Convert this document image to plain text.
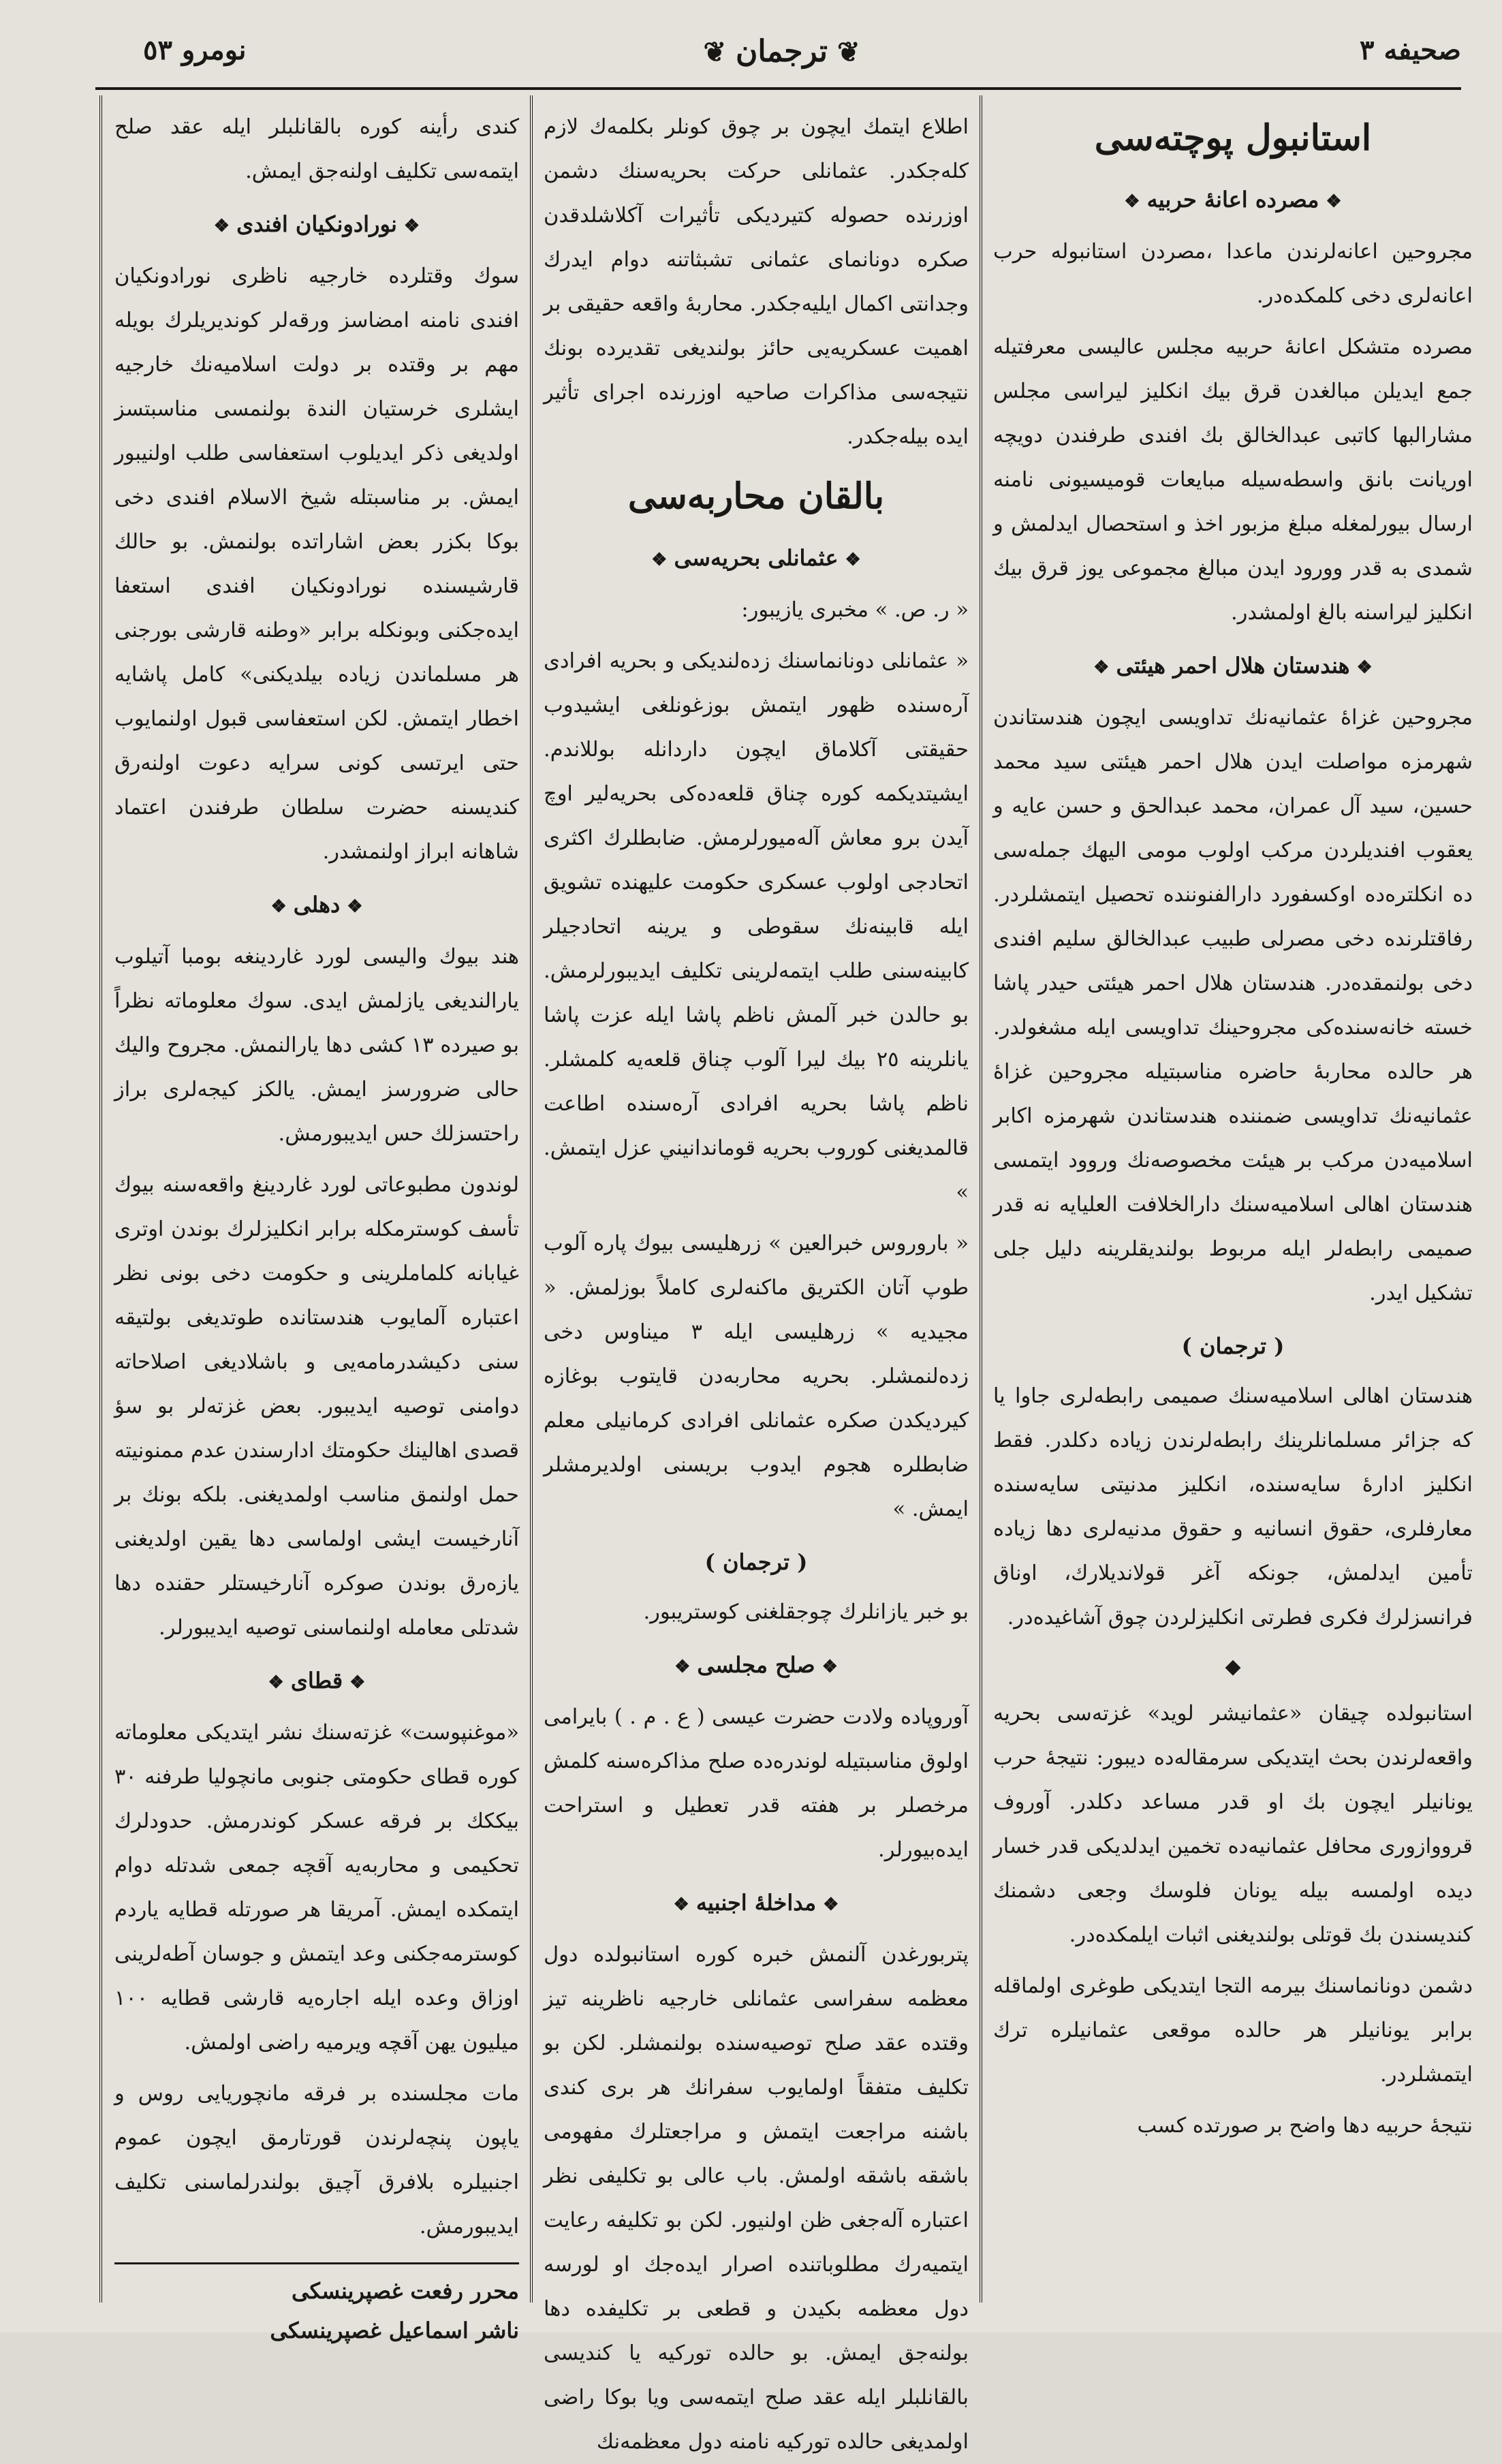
صحيفه ٣
❦ ترجمان ❦
نومرو ٥٣
استانبول پوچته‌سى
❖ مصرده اعانهٔ حربيه ❖

مجروحين اعانه‌لرندن ماعدا ،مصردن استانبوله حرب اعانه‌لرى دخى كلمكده‌در.

مصرده متشكل اعانهٔ حربيه مجلس عاليسى معرفتيله جمع ايديلن مبالغدن قرق بيك انكليز ليراسى مجلس مشارالبها كاتبى عبدالخالق بك افندى طرفندن دويچه اوريانت بانق واسطه‌سيله مبايعات قوميسيونى نامنه ارسال بيورلمغله مبلغ مزبور اخذ و استحصال ايدلمش و شمدى به قدر وورود ايدن مبالغ مجموعى يوز قرق بيك انكليز ليراسنه بالغ اولمشدر.

❖ هندستان هلال احمر هيئتى ❖

مجروحين غزاهٔ عثمانيه‌نك تداويسى ايچون هندستاندن شهرمزه مواصلت ايدن هلال احمر هيئتى سيد محمد حسين، سيد آل عمران، محمد عبدالحق و حسن عايه و يعقوب افنديلردن مركب اولوب مومى اليهك جمله‌سى ده انكلتره‌ده اوكسفورد دارالفنوننده تحصيل ايتمشلردر. رفاقتلرنده دخى مصرلى طبيب عبدالخالق سليم افندى دخى بولنمقده‌در. هندستان هلال احمر هيئتى حيدر پاشا خسته خانه‌سنده‌كى مجروحينك تداويسى ايله مشغولدر. هر حالده محاربهٔ حاضره مناسبتيله مجروحين غزاهٔ عثمانيه‌نك تداويسى ضمننده هندستاندن شهرمزه اكابر اسلاميه‌دن مركب بر هيئت مخصوصه‌نك وروود ايتمسى هندستان اهالى اسلاميه‌سنك دارالخلافت العليايه نه قدر صميمى رابطه‌لر ايله مربوط بولنديقلرينه دليل جلى تشكيل ايدر.

( ترجمان )

هندستان اهالى اسلاميه‌سنك صميمى رابطه‌لرى جاوا يا كه جزائر مسلمانلرينك رابطه‌لرندن زياده دكلدر. فقط انكليز ادارهٔ سايه‌سنده، انكليز مدنيتى سايه‌سنده معارفلرى، حقوق انسانيه و حقوق مدنيه‌لرى دها زياده تأمين ايدلمش، جونكه آغر قولانديلارك، اوناق فرانسزلرك فكرى فطرتى انكليزلردن چوق آشاغيده‌در.

◆

استانبولده چيقان «عثمانيشر لويد» غزته‌سى بحريه واقعه‌لرندن بحث ايتديكى سرمقاله‌ده ديبور: نتيجهٔ حرب يونانيلر ايچون بك او قدر مساعد دكلدر. آوروف قرووازورى محافل عثمانيه‌ده تخمين ايدلديكى قدر خسار ديده اولمسه بيله يونان فلوسك وجعى دشمنك كنديسندن بك قوتلى بولنديغنى اثبات ايلمكده‌در.

دشمن دونانماسنك بيرمه التجا ايتديكى طوغرى اولماقله برابر يونانيلر هر حالده موقعى عثمانيلره ترك ايتمشلردر.

نتيجهٔ حربيه دها واضح بر صورتده كسب

اطلاع ايتمك ايچون بر چوق كونلر بكلمه‌ك لازم كله‌جكدر. عثمانلى حركت بحريه‌سنك دشمن اوزرنده حصوله كتيرديكى تأثيرات آكلاشلدقدن صكره دونانماى عثمانى تشبثاتنه دوام ايدرك وجدانتى اكمال ايليه‌جكدر. محاربهٔ واقعه حقيقى بر اهميت عسكريه‌يى حائز بولنديغى تقديرده بونك نتيجه‌سى مذاكرات صاحيه اوزرنده اجراى تأثير ايده بيله‌جكدر.

بالقان محاربه‌سى
❖ عثمانلى بحريه‌سى ❖

« ر. ص. » مخبرى يازيبور:

« عثمانلى دونانماسنك زده‌لنديكى و بحريه افرادى آره‌سنده ظهور ايتمش بوزغونلغى ايشيدوب حقيقتى آكلاماق ايچون داردانله بوللاندم. ايشيتديكمه كوره چناق قلعه‌ده‌كى بحريه‌لير اوچ آيدن برو معاش آله‌ميورلرمش. ضابطلرك اكثرى اتحادجى اولوب عسكرى حكومت عليهنده تشويق ايله قابينه‌نك سقوطى و يرينه اتحادجيلر كابينه‌سنى طلب ايتمه‌لرينى تكليف ايديبورلرمش. بو حالدن خبر آلمش ناظم پاشا ايله عزت پاشا يانلرينه ٢٥ بيك ليرا آلوب چناق قلعه‌يه كلمشلر. ناظم پاشا بحريه افرادى آره‌سنده اطاعت قالمديغنى كوروب بحريه قوماندانيني عزل ايتمش. »

« باروروس خبرالعين » زرهليسى بيوك پاره آلوب طوپ آتان الكتريق ماكنه‌لرى كاملاً بوزلمش. « مجيديه » زرهليسى ايله ٣ ميناوس دخى زده‌لنمشلر. بحريه محاربه‌دن قايتوب بوغازه كيرديكدن صكره عثمانلى افرادى كرمانيلى معلم ضابطلره هجوم ايدوب بريسنى اولديرمشلر ايمش. »

( ترجمان )

بو خبر يازانلرك چوجقلغنى كوستريبور.

❖ صلح مجلسى ❖

آوروپاده ولادت حضرت عيسى ( ع . م . ) بايرامى اولوق مناسبتيله لوندره‌ده صلح مذاكره‌سنه كلمش مرخصلر بر هفته قدر تعطيل و استراحت ايده‌بيورلر.

❖ مداخلهٔ اجنبيه ❖

پتربورغدن آلنمش خبره كوره استانبولده دول معظمه سفراسى عثمانلى خارجيه ناظرينه تيز وقتده عقد صلح توصيه‌سنده بولنمشلر. لكن بو تكليف متفقاً اولمايوب سفرانك هر برى كندى باشنه مراجعت ايتمش و مراجعتلرك مفهومى باشقه باشقه اولمش. باب عالى بو تكليفى نظر اعتباره آله‌جغى ظن اولنيور. لكن بو تكليفه رعايت ايتميه‌رك مطلوباتنده اصرار ايده‌جك او لورسه دول معظمه بكيدن و قطعى بر تكليفده دها بولنه‌جق ايمش. بو حالده توركيه يا كنديسى بالقانلبلر ايله عقد صلح ايتمه‌سى ويا بوكا راضى اولمديغى حالده توركيه نامنه دول معظمه‌نك

كندى رأينه كوره بالقانلبلر ايله عقد صلح ايتمه‌سى تكليف اولنه‌جق ايمش.

❖ نورادونكيان افندى ❖

سوك وقتلرده خارجيه ناظرى نورادونكيان افندى نامنه امضاسز ورقه‌لر كونديريلرك بويله مهم بر وقتده بر دولت اسلاميه‌نك خارجيه ايشلرى خرستيان الندة بولنمسى مناسبتسز اولديغى ذكر ايديلوب استعفاسى طلب اولنيبور ايمش. بر مناسبتله شيخ الاسلام افندى دخى بوكا بكزر بعض اشاراتده بولنمش. بو حالك قارشيسنده نورادونكيان افندى استعفا ايده‌جكنى وبونكله برابر «وطنه قارشى بورجنى هر مسلماندن زياده بيلديكنى» كامل پاشايه اخطار ايتمش. لكن استعفاسى قبول اولنمايوب حتى ايرتسى كونى سرايه دعوت اولنه‌رق كنديسنه حضرت سلطان طرفندن اعتماد شاهانه ابراز اولنمشدر.

❖ دهلى ❖

هند بيوك واليسى لورد غاردينغه بومبا آتيلوب يارالنديغى يازلمش ايدى. سوك معلوماته نظراً بو صيرده ١٣ كشى دها يارالنمش. مجروح واليك حالى ضرورسز ايمش. يالكز كيجه‌لرى براز راحتسزلك حس ايديبورمش.

لوندون مطبوعاتى لورد غاردينغ واقعه‌سنه بيوك تأسف كوسترمكله برابر انكليزلرك بوندن اوترى غيابانه كلماملرينى و حكومت دخى بونى نظر اعتباره آلمايوب هندستانده طوتديغى بولتيقه سنى دكيشدرمامه‌يى و باشلاديغى اصلاحاته دوامنى توصيه ايديبور. بعض غزته‌لر بو سؤ قصدى اهالينك حكومتك ادارسندن عدم ممنونيته حمل اولنمق مناسب اولمديغنى. بلكه بونك بر آنارخيست ايشى اولماسى دها يقين اولديغنى يازه‌رق بوندن صوكره آنارخيستلر حقنده دها شدتلى معامله اولنماسنى توصيه ايديبورلر.

❖ قطاى ❖

«موغنپوست» غزته‌سنك نشر ايتديكى معلوماته كوره قطاى حكومتى جنوبى مانچوليا طرفنه ٣٠ بيككك بر فرقه عسكر كوندرمش. حدودلرك تحكيمى و محاربه‌يه آقچه جمعى شدتله دوام ايتمكده ايمش. آمريقا هر صورتله قطايه ياردم كوسترمه‌جكنى وعد ايتمش و جوسان آطه‌لرينى اوزاق وعده ايله اجاره‌يه قارشى قطايه ١٠٠ ميليون يهن آقچه ويرميه راضى اولمش.

مات مجلسنده بر فرقه مانچوريايى روس و ياپون پنچه‌لرندن قورتارمق ايچون عموم اجنبيلره بلافرق آچيق بولندرلماسنى تكليف ايديبورمش.

محرر رفعت غصپرينسكى
ناشر اسماعيل غصپرينسكى
